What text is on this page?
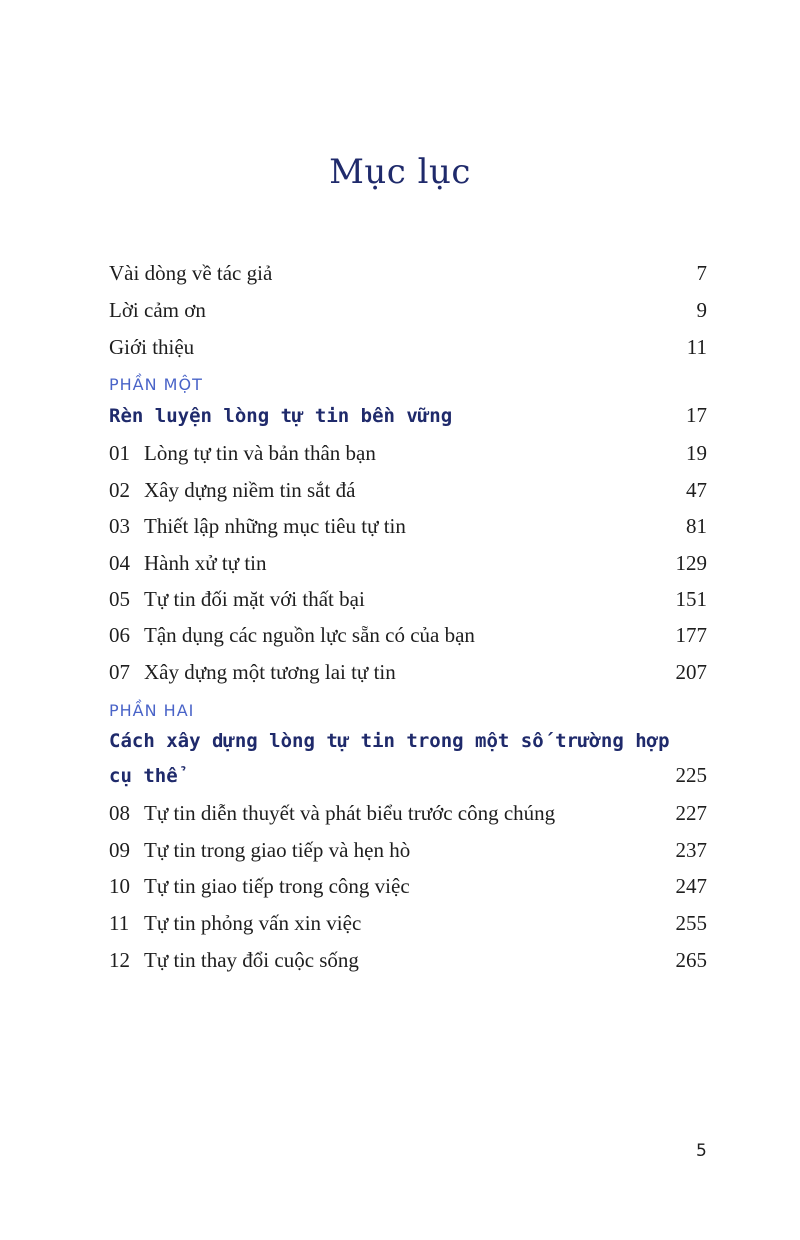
Mục lục
Vài dòng về tác giả	7
Lời cảm ơn	9
Giới thiệu	11
PHẦN MỘT
Rèn luyện lòng tự tin bền vững	17
01 Lòng tự tin và bản thân bạn	19
02 Xây dựng niềm tin sắt đá	47
03 Thiết lập những mục tiêu tự tin	81
04 Hành xử tự tin	129
05 Tự tin đối mặt với thất bại	151
06 Tận dụng các nguồn lực sẵn có của bạn	177
07 Xây dựng một tương lai tự tin	207
PHẦN HAI
Cách xây dựng lòng tự tin trong một số trường hợp
cụ thể	225
08 Tự tin diễn thuyết và phát biểu trước công chúng	227
09 Tự tin trong giao tiếp và hẹn hò	237
10 Tự tin giao tiếp trong công việc	247
11 Tự tin phỏng vấn xin việc	255
12 Tự tin thay đổi cuộc sống	265
5
